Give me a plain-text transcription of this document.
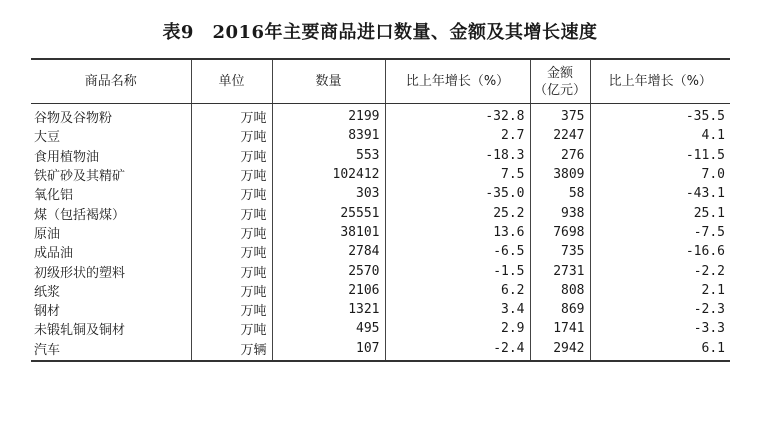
表9　2016年主要商品进口数量、金额及其增长速度
商品名称	单位	数量	比上年增长（%）	金额
（亿元）	比上年增长（%）
谷物及谷物粉	万吨	2199	-32.8	375	-35.5
大豆	万吨	8391	2.7	2247	4.1
食用植物油	万吨	553	-18.3	276	-11.5
铁矿砂及其精矿	万吨	102412	7.5	3809	7.0
氧化铝	万吨	303	-35.0	58	-43.1
煤（包括褐煤）	万吨	25551	25.2	938	25.1
原油	万吨	38101	13.6	7698	-7.5
成品油	万吨	2784	-6.5	735	-16.6
初级形状的塑料	万吨	2570	-1.5	2731	-2.2
纸浆	万吨	2106	6.2	808	2.1
钢材	万吨	1321	3.4	869	-2.3
未锻轧铜及铜材	万吨	495	2.9	1741	-3.3
汽车	万辆	107	-2.4	2942	6.1
